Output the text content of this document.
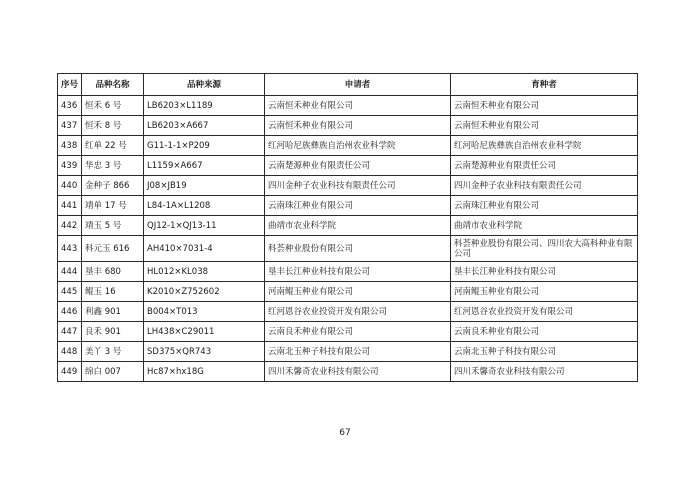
序号	品种名称	品种来源	申请者	育种者
436	恒禾 6 号	LB6203×L1189	云南恒禾种业有限公司	云南恒禾种业有限公司
437	恒禾 8 号	LB6203×A667	云南恒禾种业有限公司	云南恒禾种业有限公司
438	红单 22 号	G11-1-1×P209	红河哈尼族彝族自治州农业科学院	红河哈尼族彝族自治州农业科学院
439	华忠 3 号	L1159×A667	云南楚源种业有限责任公司	云南楚源种业有限责任公司
440	金种子 866	J08×JB19	四川金种子农业科技有限责任公司	四川金种子农业科技有限责任公司
441	靖单 17 号	L84-1A×L1208	云南珠江种业有限公司	云南珠江种业有限公司
442	靖玉 5 号	QJ12-1×QJ13-11	曲靖市农业科学院	曲靖市农业科学院
443	科元玉 616	AH410×7031-4	科荟种业股份有限公司	科荟种业股份有限公司、四川农大高科种业有限公司
444	垦丰 680	HL012×KL038	垦丰长江种业科技有限公司	垦丰长江种业科技有限公司
445	鲲玉 16	K2010×Z752602	河南鲲玉种业有限公司	河南鲲玉种业有限公司
446	利鑫 901	B004×T013	红河恩谷农业投资开发有限公司	红河恩谷农业投资开发有限公司
447	良禾 901	LH438×C29011	云南良禾种业有限公司	云南良禾种业有限公司
448	美丫 3 号	SD375×QR743	云南北玉种子科技有限公司	云南北玉种子科技有限公司
449	绵白 007	Hc87×hx18G	四川禾馨奇农业科技有限公司	四川禾馨奇农业科技有限公司
67
